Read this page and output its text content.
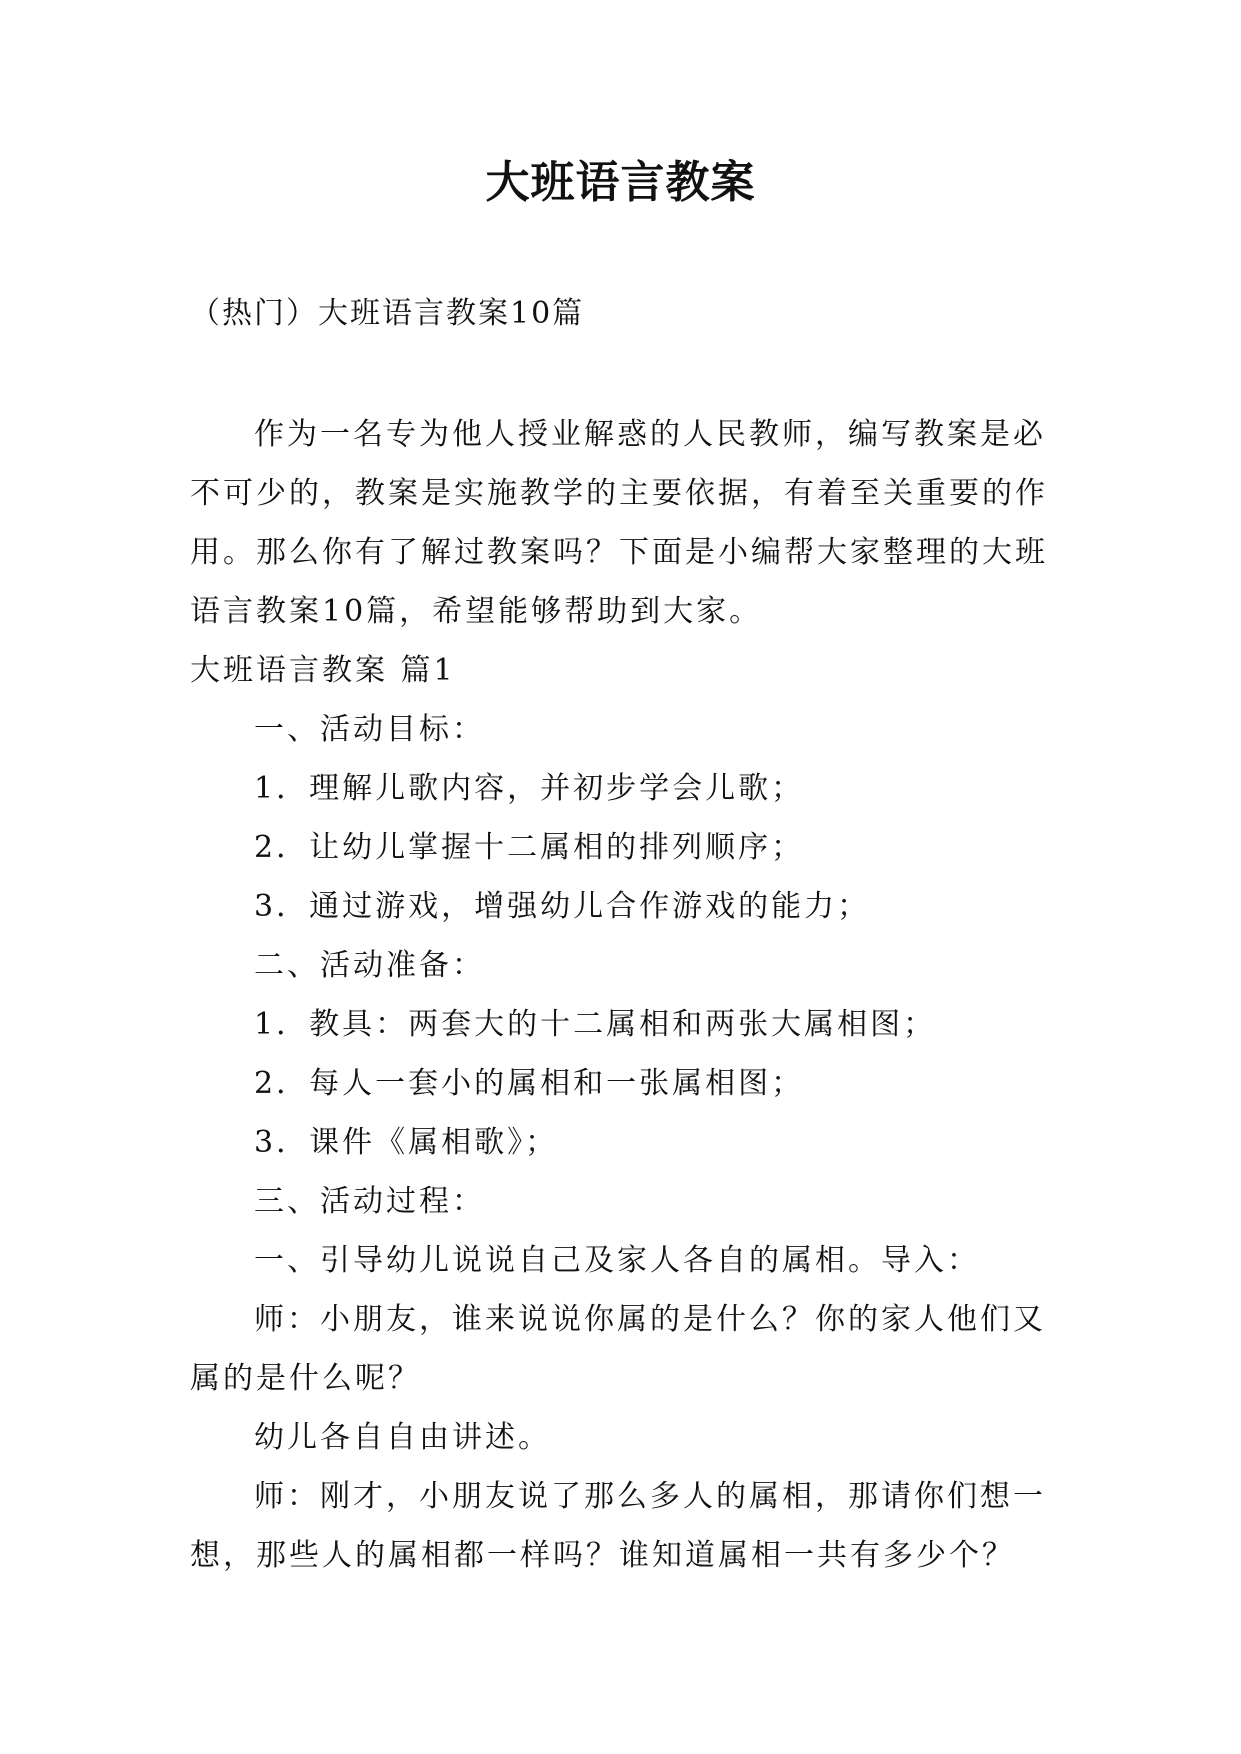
大班语言教案
（热门）大班语言教案10篇

作为一名专为他人授业解惑的人民教师，编写教案是必不可少的，教案是实施教学的主要依据，有着至关重要的作用。那么你有了解过教案吗？下面是小编帮大家整理的大班语言教案10篇，希望能够帮助到大家。

大班语言教案 篇1

一、活动目标：

1．理解儿歌内容，并初步学会儿歌；

2．让幼儿掌握十二属相的排列顺序；

3．通过游戏，增强幼儿合作游戏的能力；

二、活动准备：

1．教具：两套大的十二属相和两张大属相图；

2．每人一套小的属相和一张属相图；

3．课件《属相歌》；

三、活动过程：

一、引导幼儿说说自己及家人各自的属相。导入：

师：小朋友，谁来说说你属的是什么？你的家人他们又属的是什么呢？

幼儿各自自由讲述。

师：刚才，小朋友说了那么多人的属相，那请你们想一想，那些人的属相都一样吗？谁知道属相一共有多少个？
